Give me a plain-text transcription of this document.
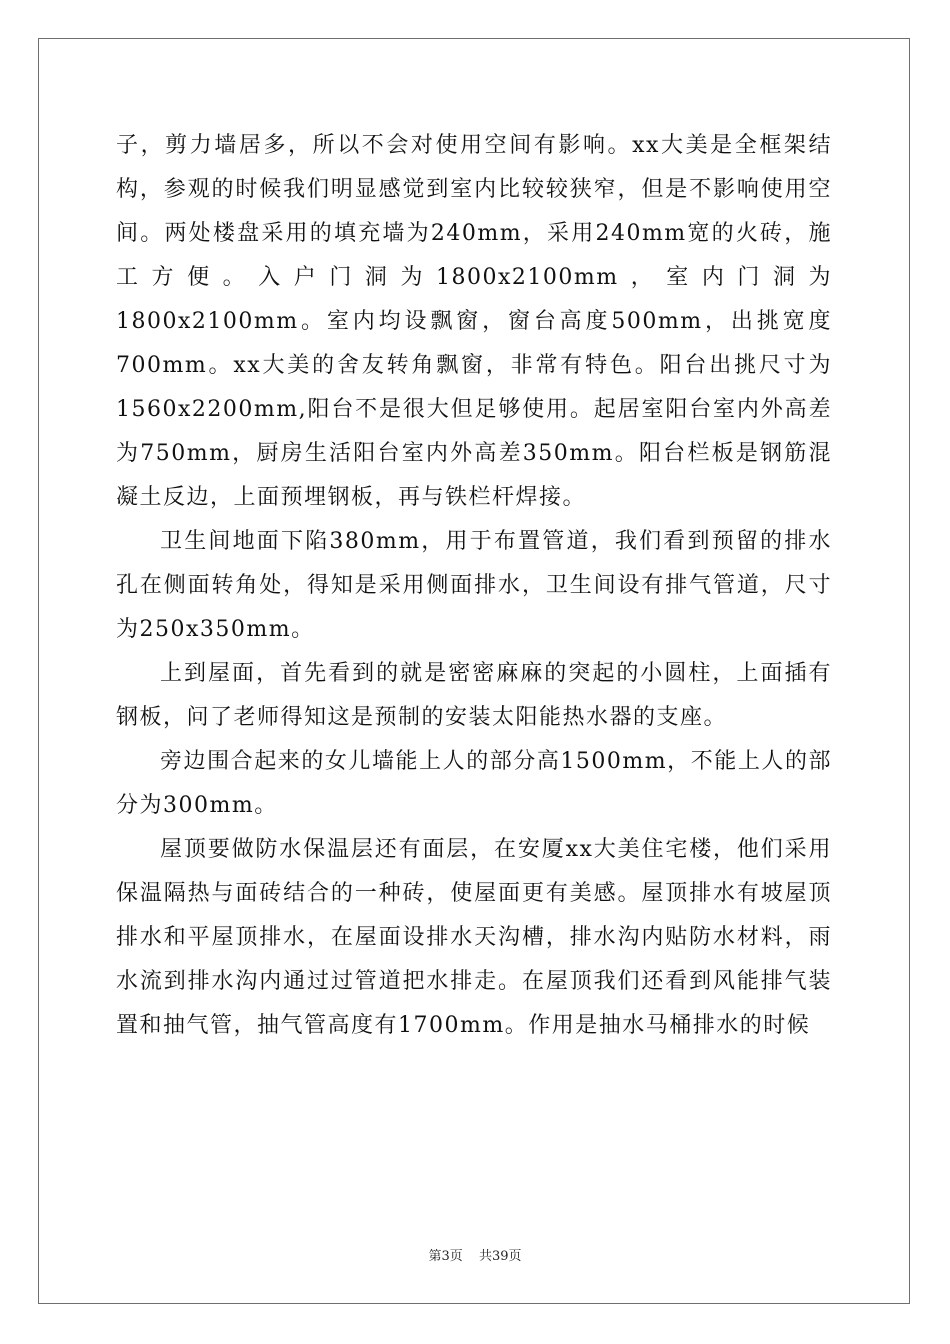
子，剪力墙居多，所以不会对使用空间有影响。xx大美是全框架结构，参观的时候我们明显感觉到室内比较较狭窄，但是不影响使用空间。两处楼盘采用的填充墙为240mm，采用240mm宽的火砖，施工方便。入户门洞为1800x2100mm，室内门洞为1800x2100mm。室内均设飘窗，窗台高度500mm，出挑宽度700mm。xx大美的舍友转角飘窗，非常有特色。阳台出挑尺寸为1560x2200mm,阳台不是很大但足够使用。起居室阳台室内外高差为750mm，厨房生活阳台室内外高差350mm。阳台栏板是钢筋混凝土反边，上面预埋钢板，再与铁栏杆焊接。

卫生间地面下陷380mm，用于布置管道，我们看到预留的排水孔在侧面转角处，得知是采用侧面排水，卫生间设有排气管道，尺寸为250x350mm。

上到屋面，首先看到的就是密密麻麻的突起的小圆柱，上面插有钢板，问了老师得知这是预制的安装太阳能热水器的支座。

旁边围合起来的女儿墙能上人的部分高1500mm，不能上人的部分为300mm。

屋顶要做防水保温层还有面层，在安厦xx大美住宅楼，他们采用保温隔热与面砖结合的一种砖，使屋面更有美感。屋顶排水有坡屋顶排水和平屋顶排水，在屋面设排水天沟槽，排水沟内贴防水材料，雨水流到排水沟内通过过管道把水排走。在屋顶我们还看到风能排气装置和抽气管，抽气管高度有1700mm。作用是抽水马桶排水的时候

第3页 共39页
